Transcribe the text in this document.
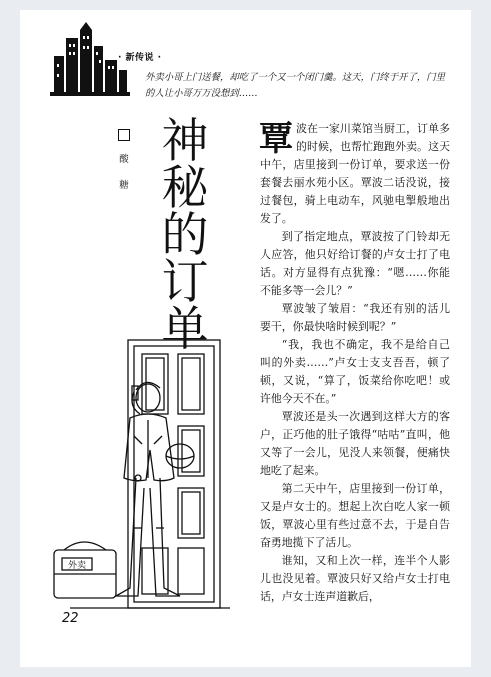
· 新传说 ·
外卖小哥上门送餐，却吃了一个又一个闭门羹。这天，门终于开了，门里的人让小哥万万没想到……
酸
糖
神
秘
的
订
单

覃波在一家川菜馆当厨工，订单多的时候，也帮忙跑跑外卖。这天中午，店里接到一份订单，要求送一份套餐去丽水苑小区。覃波二话没说，接过餐包，骑上电动车，风驰电掣般地出发了。

到了指定地点，覃波按了门铃却无人应答，他只好给订餐的卢女士打了电话。对方显得有点犹豫：“嗯……你能不能多等一会儿？”

覃波皱了皱眉：“我还有别的活儿要干，你最快啥时候到呢？”

“我，我也不确定，我不是给自己叫的外卖……”卢女士支支吾吾，顿了顿，又说，“算了，饭菜给你吃吧！或许他今天不在。”

覃波还是头一次遇到这样大方的客户，正巧他的肚子饿得“咕咕”直叫，他又等了一会儿，见没人来领餐，便痛快地吃了起来。

第二天中午，店里接到一份订单，又是卢女士的。想起上次白吃人家一顿饭，覃波心里有些过意不去，于是自告奋勇地揽下了活儿。

谁知，又和上次一样，连半个人影儿也没见着。覃波只好又给卢女士打电话，卢女士连声道歉后，

外卖
22
